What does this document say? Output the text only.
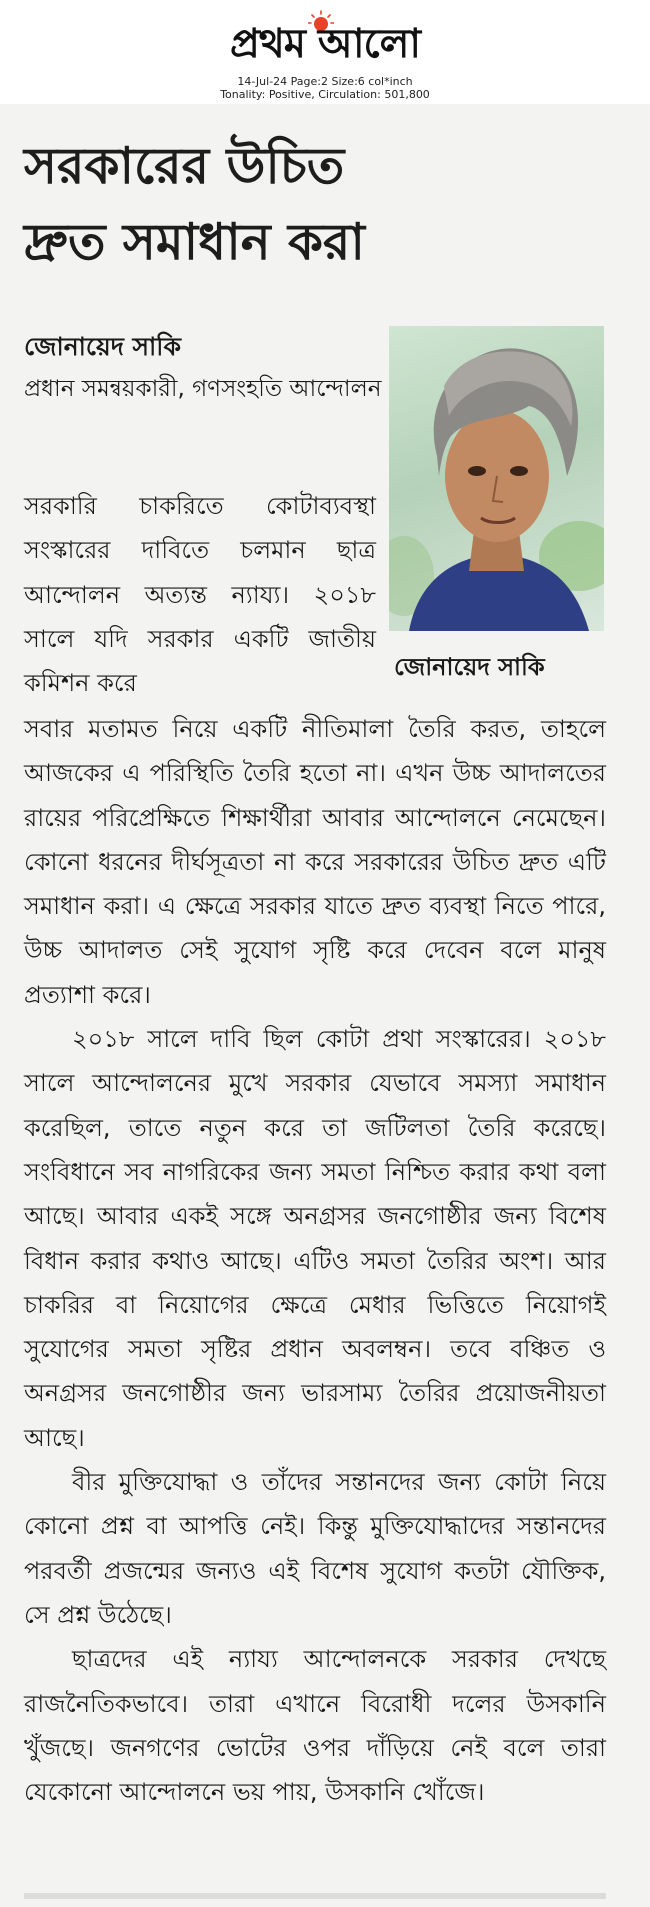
প্রথম আলো
14-Jul-24 Page:2 Size:6 col*inch
Tonality: Positive, Circulation: 501,800
সরকারের উচিত
দ্রুত সমাধান করা
জোনায়েদ সাকি
প্রধান সমন্বয়কারী, গণসংহতি আন্দোলন
জোনায়েদ সাকি
সরকারি চাকরিতে কোটাব্যবস্থা সংস্কারের দাবিতে চলমান ছাত্র আন্দোলন অত্যন্ত ন্যায্য। ২০১৮ সালে যদি সরকার একটি জাতীয় কমিশন করে

সবার মতামত নিয়ে একটি নীতিমালা তৈরি করত, তাহলে আজকের এ পরিস্থিতি তৈরি হতো না। এখন উচ্চ আদালতের রায়ের পরিপ্রেক্ষিতে শিক্ষার্থীরা আবার আন্দোলনে নেমেছেন। কোনো ধরনের দীর্ঘসূত্রতা না করে সরকারের উচিত দ্রুত এটি সমাধান করা। এ ক্ষেত্রে সরকার যাতে দ্রুত ব্যবস্থা নিতে পারে, উচ্চ আদালত সেই সুযোগ সৃষ্টি করে দেবেন বলে মানুষ প্রত্যাশা করে।

২০১৮ সালে দাবি ছিল কোটা প্রথা সংস্কারের। ২০১৮ সালে আন্দোলনের মুখে সরকার যেভাবে সমস্যা সমাধান করেছিল, তাতে নতুন করে তা জটিলতা তৈরি করেছে। সংবিধানে সব নাগরিকের জন্য সমতা নিশ্চিত করার কথা বলা আছে। আবার একই সঙ্গে অনগ্রসর জনগোষ্ঠীর জন্য বিশেষ বিধান করার কথাও আছে। এটিও সমতা তৈরির অংশ। আর চাকরির বা নিয়োগের ক্ষেত্রে মেধার ভিত্তিতে নিয়োগই সুযোগের সমতা সৃষ্টির প্রধান অবলম্বন। তবে বঞ্চিত ও অনগ্রসর জনগোষ্ঠীর জন্য ভারসাম্য তৈরির প্রয়োজনীয়তা আছে।

বীর মুক্তিযোদ্ধা ও তাঁদের সন্তানদের জন্য কোটা নিয়ে কোনো প্রশ্ন বা আপত্তি নেই। কিন্তু মুক্তিযোদ্ধাদের সন্তানদের পরবর্তী প্রজন্মের জন্যও এই বিশেষ সুযোগ কতটা যৌক্তিক, সে প্রশ্ন উঠেছে।

ছাত্রদের এই ন্যায্য আন্দোলনকে সরকার দেখছে রাজনৈতিকভাবে। তারা এখানে বিরোধী দলের উসকানি খুঁজছে। জনগণের ভোটের ওপর দাঁড়িয়ে নেই বলে তারা যেকোনো আন্দোলনে ভয় পায়, উসকানি খোঁজে।
